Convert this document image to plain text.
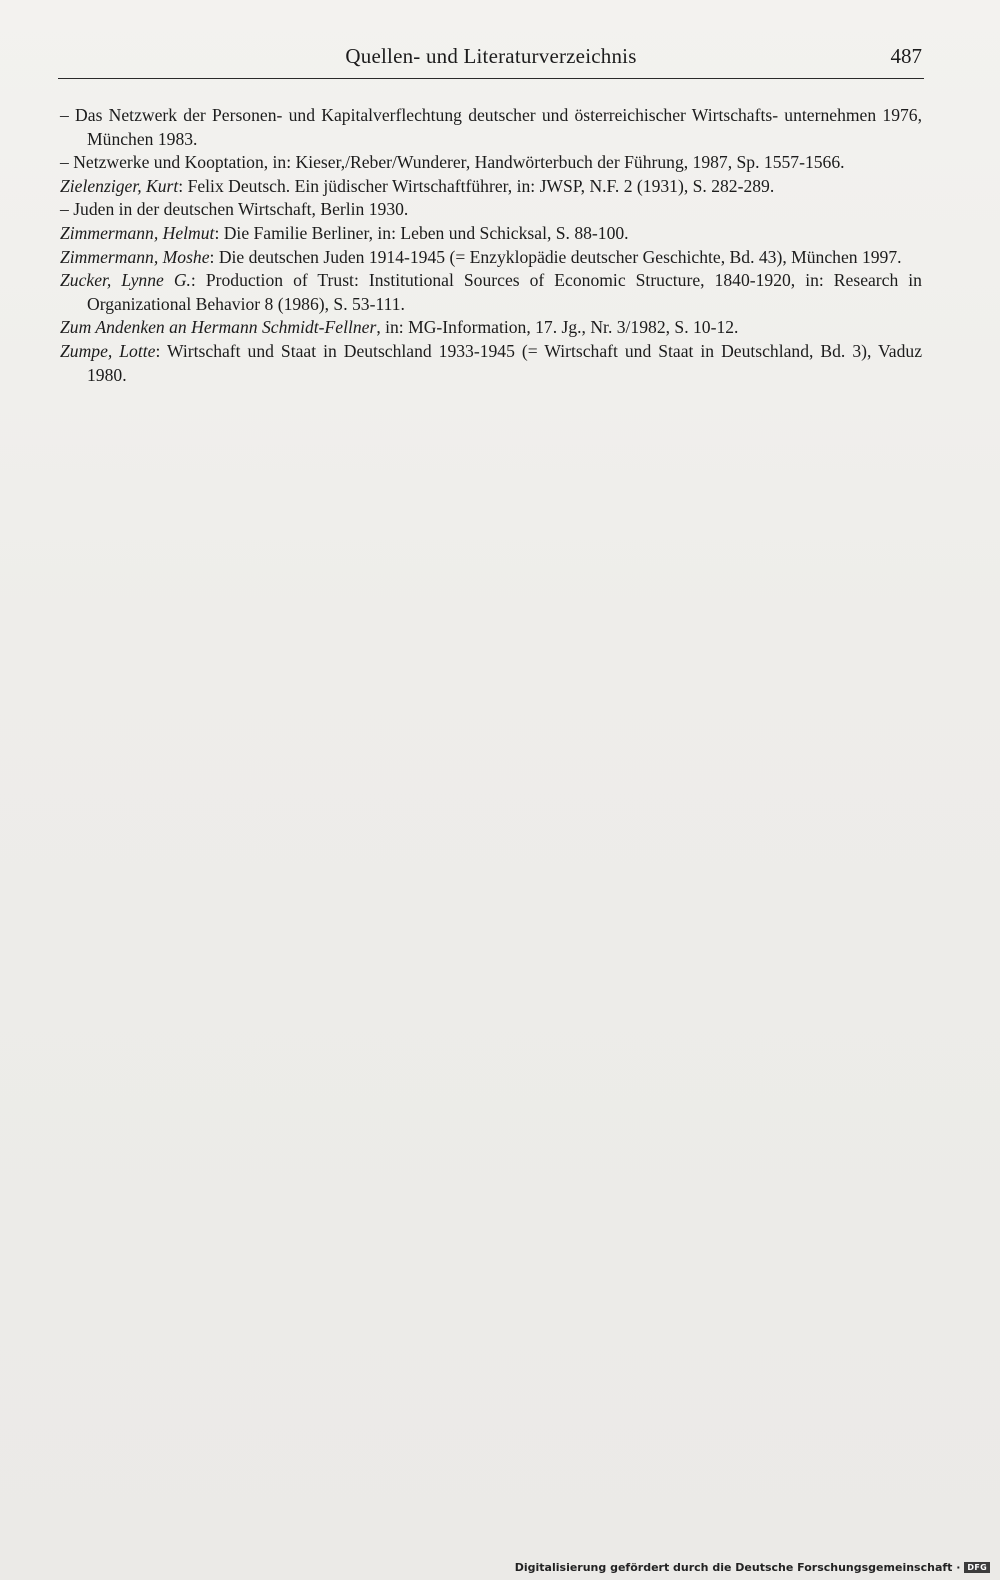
Quellen- und Literaturverzeichnis	487
– Das Netzwerk der Personen- und Kapitalverflechtung deutscher und österreichischer Wirtschafts- unternehmen 1976, München 1983.
– Netzwerke und Kooptation, in: Kieser,/Reber/Wunderer, Handwörterbuch der Führung, 1987, Sp. 1557-1566.
Zielenziger, Kurt: Felix Deutsch. Ein jüdischer Wirtschaftführer, in: JWSP, N.F. 2 (1931), S. 282-289.
– Juden in der deutschen Wirtschaft, Berlin 1930.
Zimmermann, Helmut: Die Familie Berliner, in: Leben und Schicksal, S. 88-100.
Zimmermann, Moshe: Die deutschen Juden 1914-1945 (= Enzyklopädie deutscher Geschichte, Bd. 43), München 1997.
Zucker, Lynne G.: Production of Trust: Institutional Sources of Economic Structure, 1840-1920, in: Research in Organizational Behavior 8 (1986), S. 53-111.
Zum Andenken an Hermann Schmidt-Fellner, in: MG-Information, 17. Jg., Nr. 3/1982, S. 10-12.
Zumpe, Lotte: Wirtschaft und Staat in Deutschland 1933-1945 (= Wirtschaft und Staat in Deutschland, Bd. 3), Vaduz 1980.
Digitalisierung gefördert durch die Deutsche Forschungsgemeinschaft · DFG
